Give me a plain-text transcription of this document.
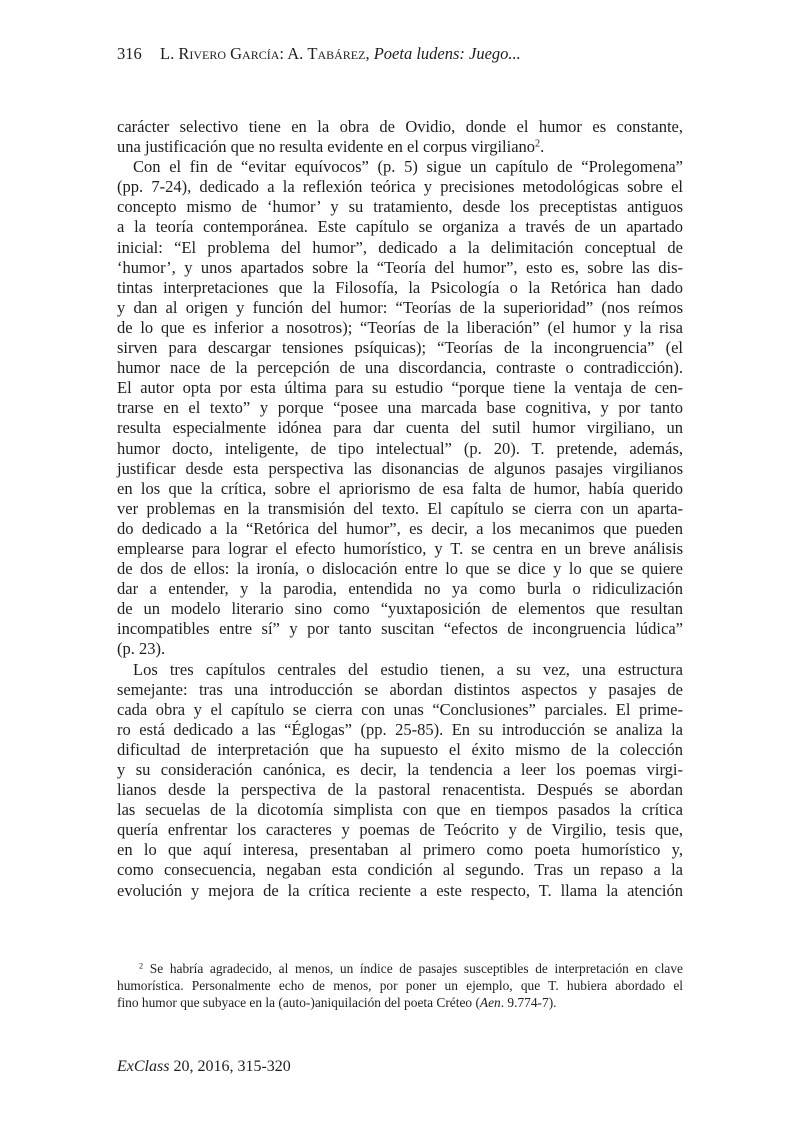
316 L. Rivero García: A. Tabárez, Poeta ludens: Juego...
carácter selectivo tiene en la obra de Ovidio, donde el humor es constante,
una justificación que no resulta evidente en el corpus virgiliano$^2$.
Con el fin de “evitar equívocos” (p. 5) sigue un capítulo de “Prolegomena”
(pp. 7-24), dedicado a la reflexión teórica y precisiones metodológicas sobre el
concepto mismo de ‘humor’ y su tratamiento, desde los preceptistas antiguos
a la teoría contemporánea. Este capítulo se organiza a través de un apartado
inicial: “El problema del humor”, dedicado a la delimitación conceptual de
‘humor’, y unos apartados sobre la “Teoría del humor”, esto es, sobre las dis-
tintas interpretaciones que la Filosofía, la Psicología o la Retórica han dado
y dan al origen y función del humor: “Teorías de la superioridad” (nos reímos
de lo que es inferior a nosotros); “Teorías de la liberación” (el humor y la risa
sirven para descargar tensiones psíquicas); “Teorías de la incongruencia” (el
humor nace de la percepción de una discordancia, contraste o contradicción).
El autor opta por esta última para su estudio “porque tiene la ventaja de cen-
trarse en el texto” y porque “posee una marcada base cognitiva, y por tanto
resulta especialmente idónea para dar cuenta del sutil humor virgiliano, un
humor docto, inteligente, de tipo intelectual” (p. 20). T. pretende, además,
justificar desde esta perspectiva las disonancias de algunos pasajes virgilianos
en los que la crítica, sobre el apriorismo de esa falta de humor, había querido
ver problemas en la transmisión del texto. El capítulo se cierra con un aparta-
do dedicado a la “Retórica del humor”, es decir, a los mecanimos que pueden
emplearse para lograr el efecto humorístico, y T. se centra en un breve análisis
de dos de ellos: la ironía, o dislocación entre lo que se dice y lo que se quiere
dar a entender, y la parodia, entendida no ya como burla o ridiculización
de un modelo literario sino como “yuxtaposición de elementos que resultan
incompatibles entre sí” y por tanto suscitan “efectos de incongruencia lúdica”
(p. 23).
Los tres capítulos centrales del estudio tienen, a su vez, una estructura
semejante: tras una introducción se abordan distintos aspectos y pasajes de
cada obra y el capítulo se cierra con unas “Conclusiones” parciales. El prime-
ro está dedicado a las “Églogas” (pp. 25-85). En su introducción se analiza la
dificultad de interpretación que ha supuesto el éxito mismo de la colección
y su consideración canónica, es decir, la tendencia a leer los poemas virgi-
lianos desde la perspectiva de la pastoral renacentista. Después se abordan
las secuelas de la dicotomía simplista con que en tiempos pasados la crítica
quería enfrentar los caracteres y poemas de Teócrito y de Virgilio, tesis que,
en lo que aquí interesa, presentaban al primero como poeta humorístico y,
como consecuencia, negaban esta condición al segundo. Tras un repaso a la
evolución y mejora de la crítica reciente a este respecto, T. llama la atención
$^2$ Se habría agradecido, al menos, un índice de pasajes susceptibles de interpretación en clave
humorística. Personalmente echo de menos, por poner un ejemplo, que T. hubiera abordado el
fino humor que subyace en la (auto-)aniquilación del poeta Créteo (Aen. 9.774-7).
ExClass 20, 2016, 315-320
